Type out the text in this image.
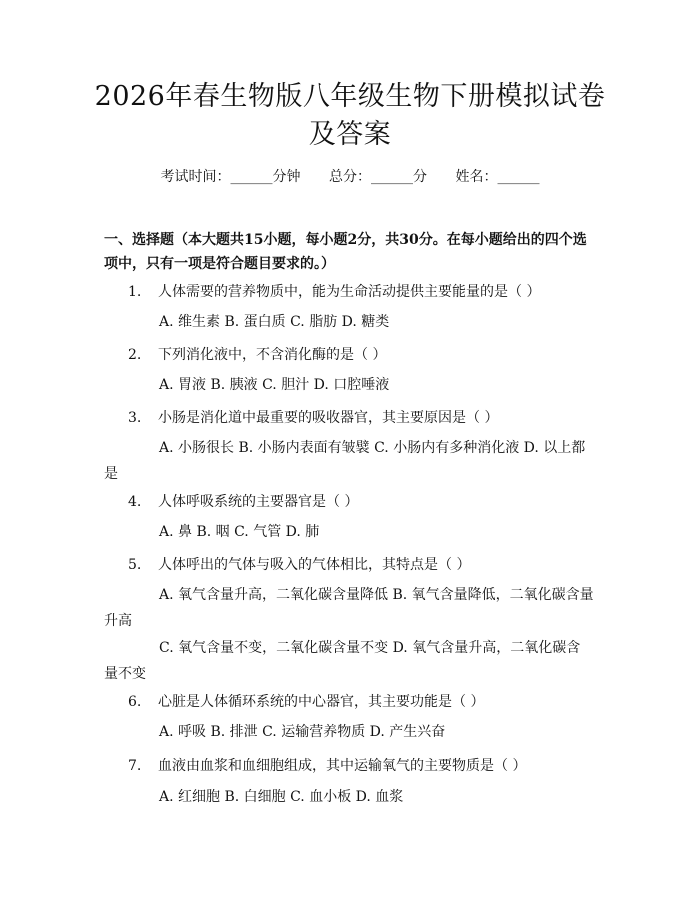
2026年春生物版八年级生物下册模拟试卷及答案
考试时间：______分钟 总分：______分 姓名：______
一、选择题（本大题共15小题，每小题2分，共30分。在每小题给出的四个选项中，只有一项是符合题目要求的。）
1. 人体需要的营养物质中，能为生命活动提供主要能量的是（ ）
A. 维生素 B. 蛋白质 C. 脂肪 D. 糖类
2. 下列消化液中，不含消化酶的是（ ）
A. 胃液 B. 胰液 C. 胆汁 D. 口腔唾液
3. 小肠是消化道中最重要的吸收器官，其主要原因是（ ）
A. 小肠很长 B. 小肠内表面有皱襞 C. 小肠内有多种消化液 D. 以上都是
4. 人体呼吸系统的主要器官是（ ）
A. 鼻 B. 咽 C. 气管 D. 肺
5. 人体呼出的气体与吸入的气体相比，其特点是（ ）
A. 氧气含量升高，二氧化碳含量降低 B. 氧气含量降低，二氧化碳含量升高
C. 氧气含量不变，二氧化碳含量不变 D. 氧气含量升高，二氧化碳含量不变
6. 心脏是人体循环系统的中心器官，其主要功能是（ ）
A. 呼吸 B. 排泄 C. 运输营养物质 D. 产生兴奋
7. 血液由血浆和血细胞组成，其中运输氧气的主要物质是（ ）
A. 红细胞 B. 白细胞 C. 血小板 D. 血浆
